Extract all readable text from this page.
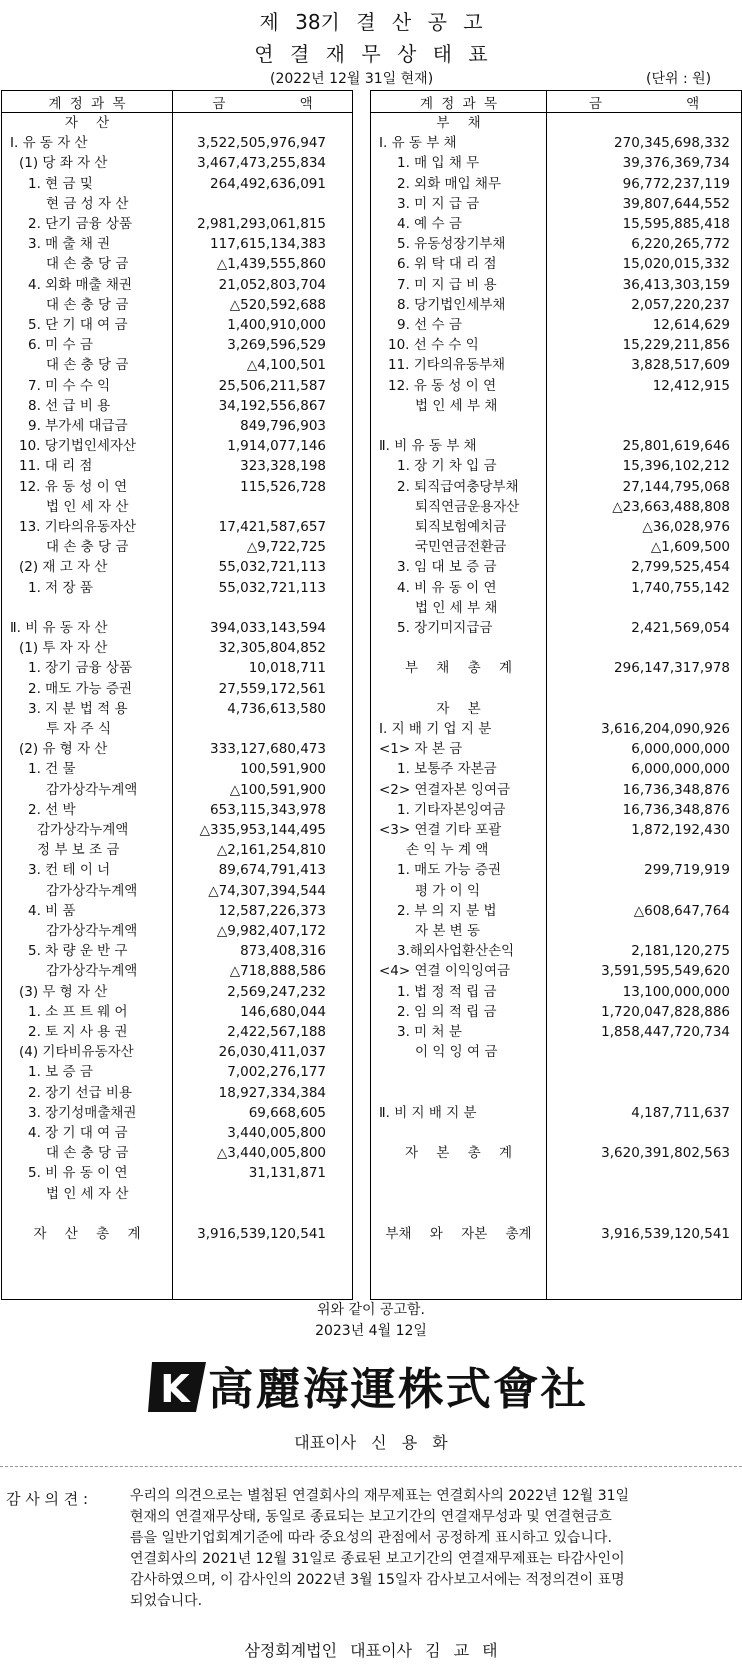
제 38기 결 산 공 고
연 결 재 무 상 태 표
(2022년 12월 31일 현재)	(단위 : 원)
계 정 과 목	금 액
자 산
Ⅰ. 유 동 자 산	3,522,505,976,947
(1) 당 좌 자 산	3,467,473,255,834
1. 현 금 및	264,492,636,091
현 금 성 자 산
2. 단기 금융 상품	2,981,293,061,815
3. 매 출 채 권	117,615,134,383
대 손 충 당 금	△1,439,555,860
4. 외화 매출 채권	21,052,803,704
대 손 충 당 금	△520,592,688
5. 단 기 대 여 금	1,400,910,000
6. 미 수 금	3,269,596,529
대 손 충 당 금	△4,100,501
7. 미 수 수 익	25,506,211,587
8. 선 급 비 용	34,192,556,867
9. 부가세 대급금	849,796,903
10. 당기법인세자산	1,914,077,146
11. 대 리 점	323,328,198
12. 유 동 성 이 연	115,526,728
법 인 세 자 산
13. 기타의유동자산	17,421,587,657
대 손 충 당 금	△9,722,725
(2) 재 고 자 산	55,032,721,113
1. 저 장 품	55,032,721,113
Ⅱ. 비 유 동 자 산	394,033,143,594
(1) 투 자 자 산	32,305,804,852
1. 장기 금융 상품	10,018,711
2. 매도 가능 증권	27,559,172,561
3. 지 분 법 적 용	4,736,613,580
투 자 주 식
(2) 유 형 자 산	333,127,680,473
1. 건 물	100,591,900
감가상각누계액	△100,591,900
2. 선 박	653,115,343,978
감가상각누계액	△335,953,144,495
정 부 보 조 금	△2,161,254,810
3. 컨 테 이 너	89,674,791,413
감가상각누계액	△74,307,394,544
4. 비 품	12,587,226,373
감가상각누계액	△9,982,407,172
5. 차 량 운 반 구	873,408,316
감가상각누계액	△718,888,586
(3) 무 형 자 산	2,569,247,232
1. 소 프 트 웨 어	146,680,044
2. 토 지 사 용 권	2,422,567,188
(4) 기타비유동자산	26,030,411,037
1. 보 증 금	7,002,276,177
2. 장기 선급 비용	18,927,334,384
3. 장기성매출채권	69,668,605
4. 장 기 대 여 금	3,440,005,800
대 손 충 당 금	△3,440,005,800
5. 비 유 동 이 연	31,131,871
법 인 세 자 산
자 산 총 계	3,916,539,120,541
계 정 과 목	금 액
부 채
Ⅰ. 유 동 부 채	270,345,698,332
1. 매 입 채 무	39,376,369,734
2. 외화 매입 채무	96,772,237,119
3. 미 지 급 금	39,807,644,552
4. 예 수 금	15,595,885,418
5. 유동성장기부채	6,220,265,772
6. 위 탁 대 리 점	15,020,015,332
7. 미 지 급 비 용	36,413,303,159
8. 당기법인세부채	2,057,220,237
9. 선 수 금	12,614,629
10. 선 수 수 익	15,229,211,856
11. 기타의유동부채	3,828,517,609
12. 유 동 성 이 연	12,412,915
법 인 세 부 채
Ⅱ. 비 유 동 부 채	25,801,619,646
1. 장 기 차 입 금	15,396,102,212
2. 퇴직급여충당부채	27,144,795,068
퇴직연금운용자산	△23,663,488,808
퇴직보험예치금	△36,028,976
국민연금전환금	△1,609,500
3. 임 대 보 증 금	2,799,525,454
4. 비 유 동 이 연	1,740,755,142
법 인 세 부 채
5. 장기미지급금	2,421,569,054
부 채 총 계	296,147,317,978
자 본
Ⅰ. 지 배 기 업 지 분	3,616,204,090,926
<1> 자 본 금	6,000,000,000
1. 보통주 자본금	6,000,000,000
<2> 연결자본 잉여금	16,736,348,876
1. 기타자본잉여금	16,736,348,876
<3> 연결 기타 포괄	1,872,192,430
손 익 누 계 액
1. 매도 가능 증권	299,719,919
평 가 이 익
2. 부 의 지 분 법	△608,647,764
자 본 변 동
3.해외사업환산손익	2,181,120,275
<4> 연결 이익잉여금	3,591,595,549,620
1. 법 정 적 립 금	13,100,000,000
2. 임 의 적 립 금	1,720,047,828,886
3. 미 처 분	1,858,447,720,734
이 익 잉 여 금
Ⅱ. 비 지 배 지 분	4,187,711,637
자 본 총 계	3,620,391,802,563
부채 와 자본 총계	3,916,539,120,541
위와 같이 공고함.
2023년 4월 12일
K 高麗海運株式會社
대표이사 신 용 화
감 사 의 견 :	우리의 의견으로는 별첨된 연결회사의 재무제표는 연결회사의 2022년 12월 31일
현재의 연결재무상태, 동일로 종료되는 보고기간의 연결재무성과 및 연결현금흐
름을 일반기업회계기준에 따라 중요성의 관점에서 공정하게 표시하고 있습니다.
연결회사의 2021년 12월 31일로 종료된 보고기간의 연결재무제표는 타감사인이
감사하였으며, 이 감사인의 2022년 3월 15일자 감사보고서에는 적정의견이 표명
되었습니다.
삼정회계법인 대표이사 김 교 태
